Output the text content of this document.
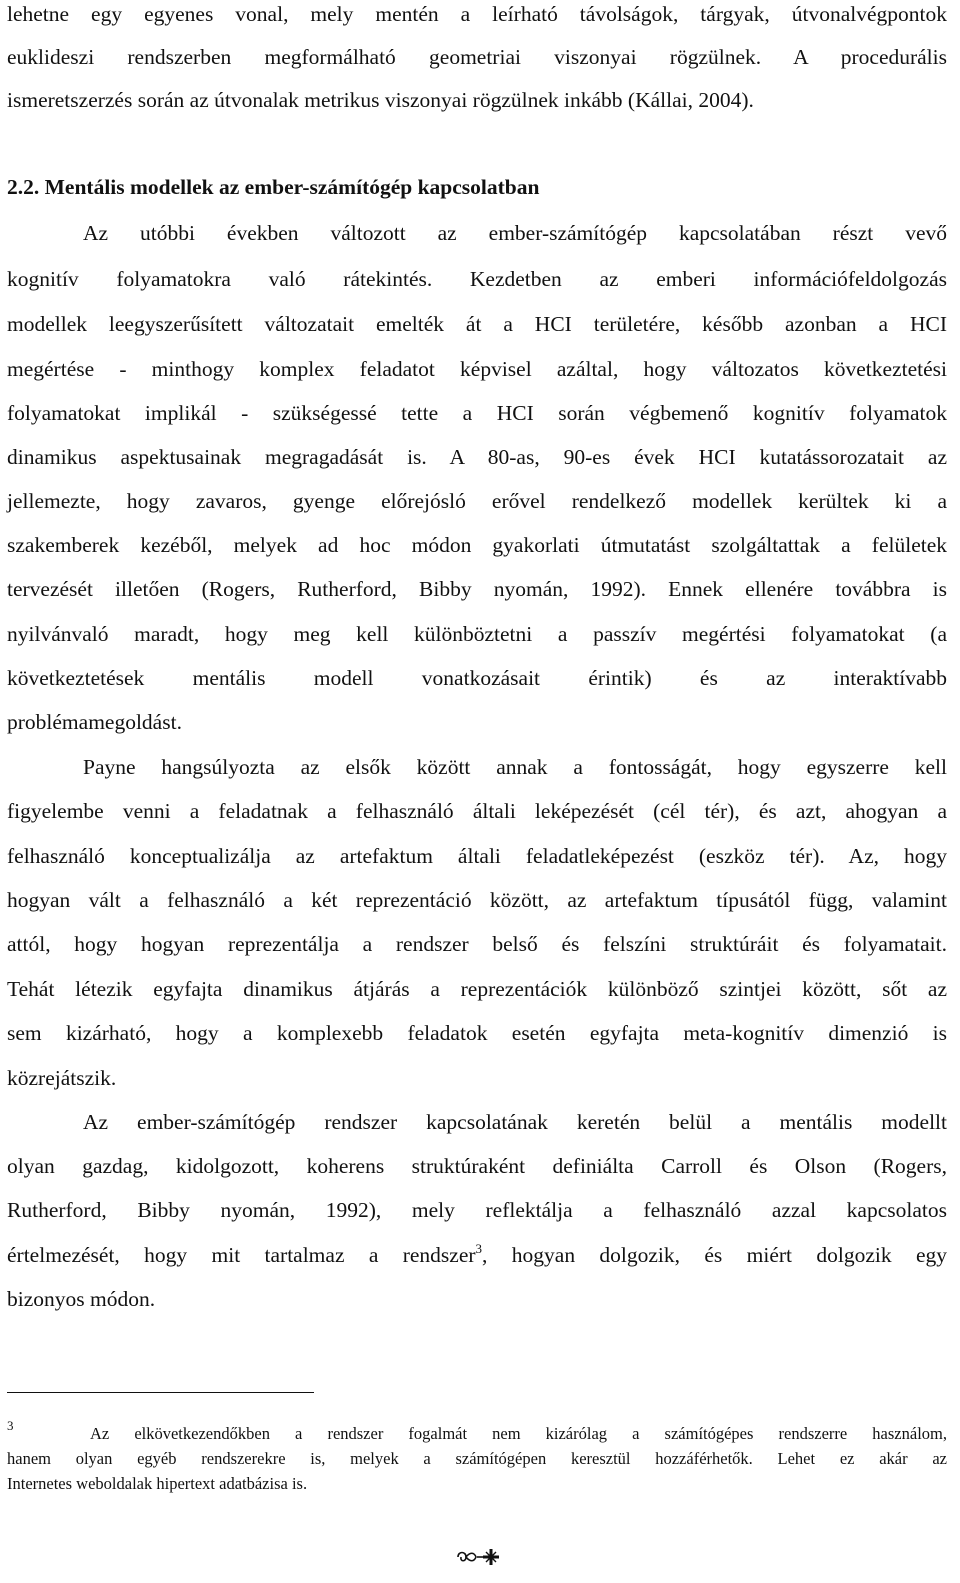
lehetne egy egyenes vonal, mely mentén a leírható távolságok, tárgyak, útvonalvégpontok
euklideszi rendszerben megformálható geometriai viszonyai rögzülnek. A procedurális
ismeretszerzés során az útvonalak metrikus viszonyai rögzülnek inkább (Kállai, 2004).
2.2. Mentális modellek az ember-számítógép kapcsolatban
Az utóbbi években változott az ember-számítógép kapcsolatában részt vevő
kognitív folyamatokra való rátekintés. Kezdetben az emberi információfeldolgozás
modellek leegyszerűsített változatait emelték át a HCI területére, később azonban a HCI
megértése - minthogy komplex feladatot képvisel azáltal, hogy változatos következtetési
folyamatokat implikál - szükségessé tette a HCI során végbemenő kognitív folyamatok
dinamikus aspektusainak megragadását is. A 80-as, 90-es évek HCI kutatássorozatait az
jellemezte, hogy zavaros, gyenge előrejósló erővel rendelkező modellek kerültek ki a
szakemberek kezéből, melyek ad hoc módon gyakorlati útmutatást szolgáltattak a felületek
tervezését illetően (Rogers, Rutherford, Bibby nyomán, 1992). Ennek ellenére továbbra is
nyilvánvaló maradt, hogy meg kell különböztetni a passzív megértési folyamatokat (a
következtetések mentális modell vonatkozásait érintik) és az interaktívabb
problémamegoldást.
Payne hangsúlyozta az elsők között annak a fontosságát, hogy egyszerre kell
figyelembe venni a feladatnak a felhasználó általi leképezését (cél tér), és azt, ahogyan a
felhasználó konceptualizálja az artefaktum általi feladatleképezést (eszköz tér). Az, hogy
hogyan vált a felhasználó a két reprezentáció között, az artefaktum típusától függ, valamint
attól, hogy hogyan reprezentálja a rendszer belső és felszíni struktúráit és folyamatait.
Tehát létezik egyfajta dinamikus átjárás a reprezentációk különböző szintjei között, sőt az
sem kizárható, hogy a komplexebb feladatok esetén egyfajta meta-kognitív dimenzió is
közrejátszik.
Az ember-számítógép rendszer kapcsolatának keretén belül a mentális modellt
olyan gazdag, kidolgozott, koherens struktúraként definiálta Carroll és Olson (Rogers,
Rutherford, Bibby nyomán, 1992), mely reflektálja a felhasználó azzal kapcsolatos
értelmezését, hogy mit tartalmaz a rendszer$^3$, hogyan dolgozik, és miért dolgozik egy
bizonyos módon.
3	Az elkövetkezendőkben a rendszer fogalmát nem kizárólag a számítógépes rendszerre használom,
hanem olyan egyéb rendszerekre is, melyek a számítógépen keresztül hozzáférhetők. Lehet ez akár az
Internetes weboldalak hipertext adatbázisa is.
